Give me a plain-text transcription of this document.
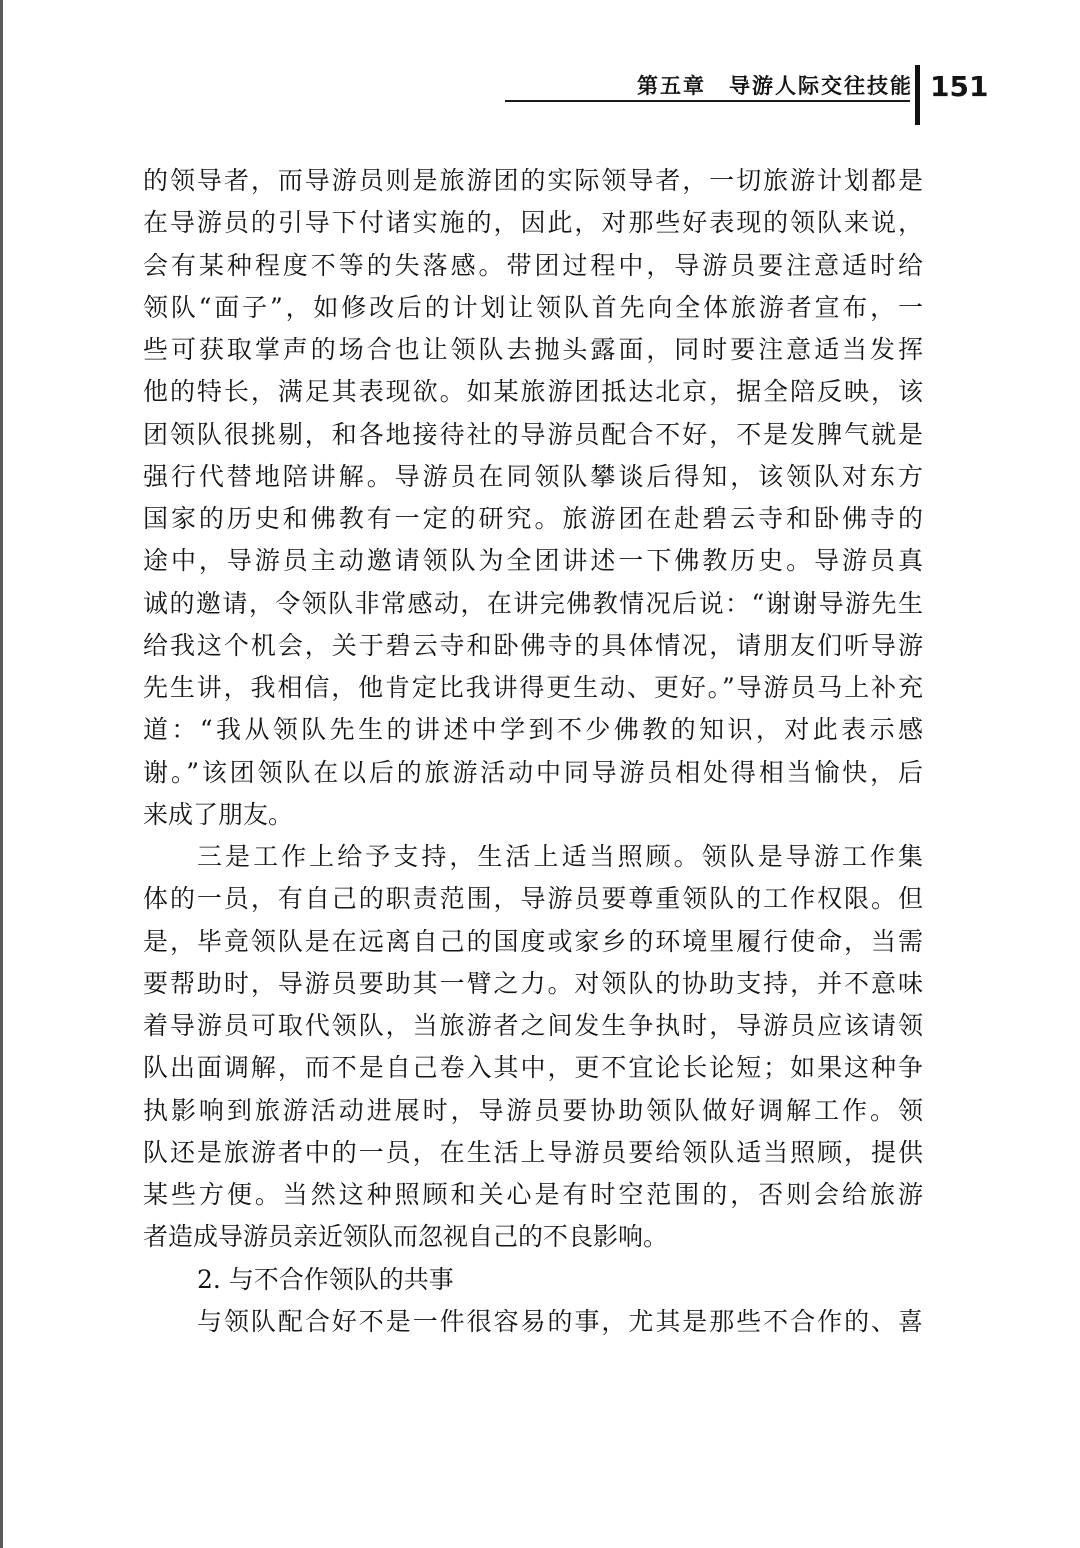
第五章　导游人际交往技能 151
的领导者，而导游员则是旅游团的实际领导者，一切旅游计划都是
在导游员的引导下付诸实施的，因此，对那些好表现的领队来说，
会有某种程度不等的失落感。带团过程中，导游员要注意适时给
领队“面子”，如修改后的计划让领队首先向全体旅游者宣布，一
些可获取掌声的场合也让领队去抛头露面，同时要注意适当发挥
他的特长，满足其表现欲。如某旅游团抵达北京，据全陪反映，该
团领队很挑剔，和各地接待社的导游员配合不好，不是发脾气就是
强行代替地陪讲解。导游员在同领队攀谈后得知，该领队对东方
国家的历史和佛教有一定的研究。旅游团在赴碧云寺和卧佛寺的
途中，导游员主动邀请领队为全团讲述一下佛教历史。导游员真
诚的邀请，令领队非常感动，在讲完佛教情况后说：“谢谢导游先生
给我这个机会，关于碧云寺和卧佛寺的具体情况，请朋友们听导游
先生讲，我相信，他肯定比我讲得更生动、更好。”导游员马上补充
道：“我从领队先生的讲述中学到不少佛教的知识，对此表示感
谢。”该团领队在以后的旅游活动中同导游员相处得相当愉快，后
来成了朋友。
三是工作上给予支持，生活上适当照顾。领队是导游工作集
体的一员，有自己的职责范围，导游员要尊重领队的工作权限。但
是，毕竟领队是在远离自己的国度或家乡的环境里履行使命，当需
要帮助时，导游员要助其一臂之力。对领队的协助支持，并不意味
着导游员可取代领队，当旅游者之间发生争执时，导游员应该请领
队出面调解，而不是自己卷入其中，更不宜论长论短；如果这种争
执影响到旅游活动进展时，导游员要协助领队做好调解工作。领
队还是旅游者中的一员，在生活上导游员要给领队适当照顾，提供
某些方便。当然这种照顾和关心是有时空范围的，否则会给旅游
者造成导游员亲近领队而忽视自己的不良影响。
2. 与不合作领队的共事
与领队配合好不是一件很容易的事，尤其是那些不合作的、喜
